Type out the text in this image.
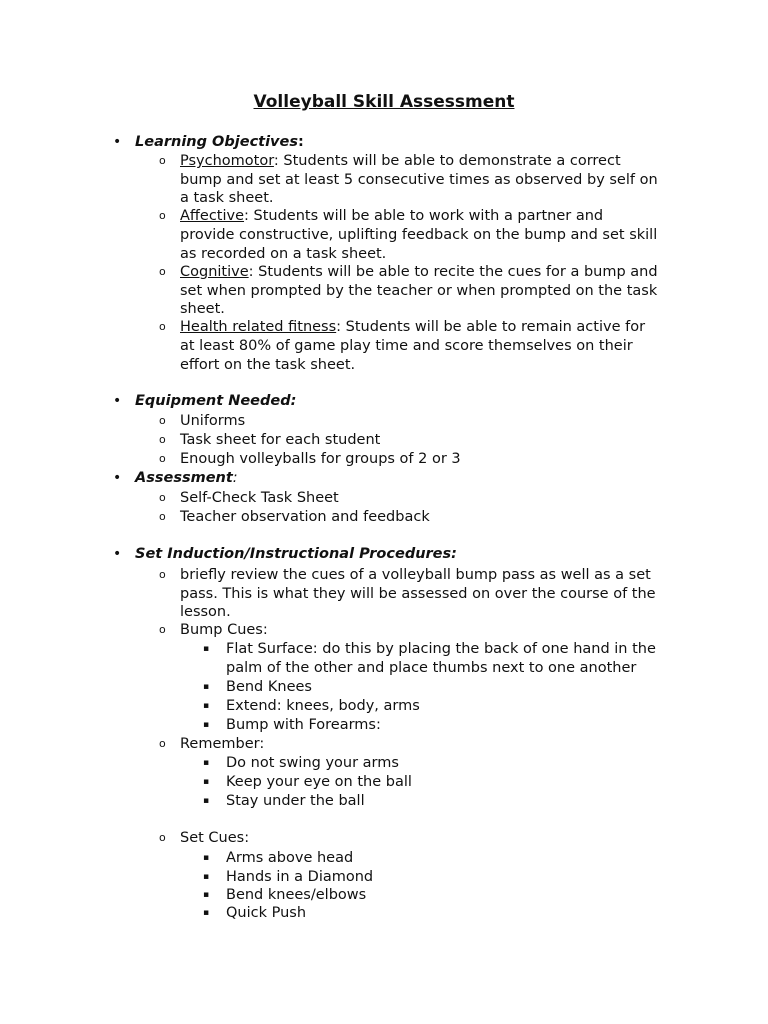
Volleyball Skill Assessment
• Learning Objectives:
o Psychomotor: Students will be able to demonstrate a correct
bump and set at least 5 consecutive times as observed by self on
a task sheet.
o Affective: Students will be able to work with a partner and
provide constructive, uplifting feedback on the bump and set skill
as recorded on a task sheet.
o Cognitive: Students will be able to recite the cues for a bump and
set when prompted by the teacher or when prompted on the task
sheet.
o Health related fitness: Students will be able to remain active for
at least 80% of game play time and score themselves on their
effort on the task sheet.
• Equipment Needed:
o Uniforms
o Task sheet for each student
o Enough volleyballs for groups of 2 or 3
• Assessment:
o Self-Check Task Sheet
o Teacher observation and feedback
• Set Induction/Instructional Procedures:
o briefly review the cues of a volleyball bump pass as well as a set
pass. This is what they will be assessed on over the course of the
lesson.
o Bump Cues:
▪ Flat Surface: do this by placing the back of one hand in the
palm of the other and place thumbs next to one another
▪ Bend Knees
▪ Extend: knees, body, arms
▪ Bump with Forearms:
o Remember:
▪ Do not swing your arms
▪ Keep your eye on the ball
▪ Stay under the ball
o Set Cues:
▪ Arms above head
▪ Hands in a Diamond
▪ Bend knees/elbows
▪ Quick Push
